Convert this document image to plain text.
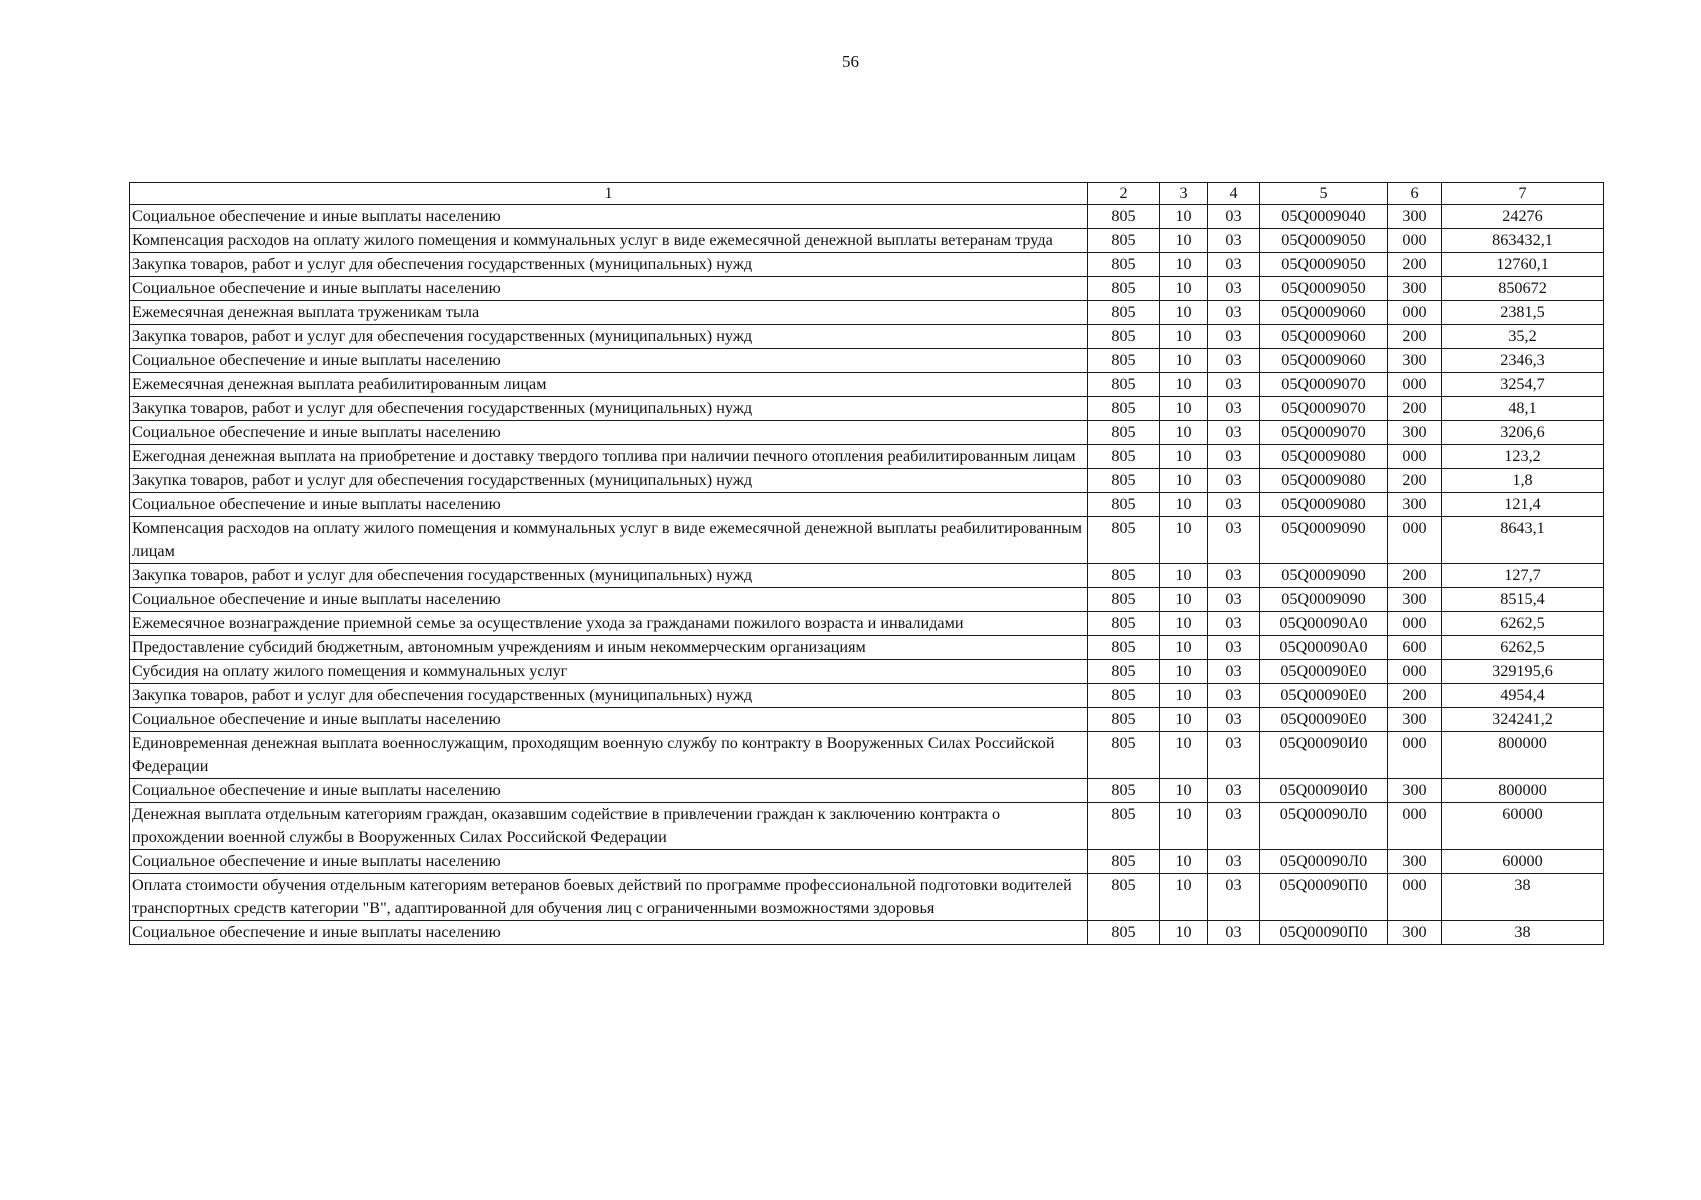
56
1	2	3	4	5	6	7
Социальное обеспечение и иные выплаты населению	805	10	03	05Q0009040	300	24276
Компенсация расходов на оплату жилого помещения и коммунальных услуг в виде ежемесячной денежной выплаты ветеранам труда	805	10	03	05Q0009050	000	863432,1
Закупка товаров, работ и услуг для обеспечения государственных (муниципальных) нужд	805	10	03	05Q0009050	200	12760,1
Социальное обеспечение и иные выплаты населению	805	10	03	05Q0009050	300	850672
Ежемесячная денежная выплата труженикам тыла	805	10	03	05Q0009060	000	2381,5
Закупка товаров, работ и услуг для обеспечения государственных (муниципальных) нужд	805	10	03	05Q0009060	200	35,2
Социальное обеспечение и иные выплаты населению	805	10	03	05Q0009060	300	2346,3
Ежемесячная денежная выплата реабилитированным лицам	805	10	03	05Q0009070	000	3254,7
Закупка товаров, работ и услуг для обеспечения государственных (муниципальных) нужд	805	10	03	05Q0009070	200	48,1
Социальное обеспечение и иные выплаты населению	805	10	03	05Q0009070	300	3206,6
Ежегодная денежная выплата на приобретение и доставку твердого топлива при наличии печного отопления реабилитированным лицам	805	10	03	05Q0009080	000	123,2
Закупка товаров, работ и услуг для обеспечения государственных (муниципальных) нужд	805	10	03	05Q0009080	200	1,8
Социальное обеспечение и иные выплаты населению	805	10	03	05Q0009080	300	121,4
Компенсация расходов на оплату жилого помещения и коммунальных услуг в виде ежемесячной денежной выплаты реабилитированным лицам	805	10	03	05Q0009090	000	8643,1
Закупка товаров, работ и услуг для обеспечения государственных (муниципальных) нужд	805	10	03	05Q0009090	200	127,7
Социальное обеспечение и иные выплаты населению	805	10	03	05Q0009090	300	8515,4
Ежемесячное вознаграждение приемной семье за осуществление ухода за гражданами пожилого возраста и инвалидами	805	10	03	05Q00090A0	000	6262,5
Предоставление субсидий бюджетным, автономным учреждениям и иным некоммерческим организациям	805	10	03	05Q00090A0	600	6262,5
Субсидия на оплату жилого помещения и коммунальных услуг	805	10	03	05Q00090E0	000	329195,6
Закупка товаров, работ и услуг для обеспечения государственных (муниципальных) нужд	805	10	03	05Q00090E0	200	4954,4
Социальное обеспечение и иные выплаты населению	805	10	03	05Q00090E0	300	324241,2
Единовременная денежная выплата военнослужащим, проходящим военную службу по контракту в Вооруженных Силах Российской Федерации	805	10	03	05Q00090И0	000	800000
Социальное обеспечение и иные выплаты населению	805	10	03	05Q00090И0	300	800000
Денежная выплата отдельным категориям граждан, оказавшим содействие в привлечении граждан к заключению контракта о прохождении военной службы в Вооруженных Силах Российской Федерации	805	10	03	05Q00090Л0	000	60000
Социальное обеспечение и иные выплаты населению	805	10	03	05Q00090Л0	300	60000
Оплата стоимости обучения отдельным категориям ветеранов боевых действий по программе профессиональной подготовки водителей транспортных средств категории "B", адаптированной для обучения лиц с ограниченными возможностями здоровья	805	10	03	05Q00090П0	000	38
Социальное обеспечение и иные выплаты населению	805	10	03	05Q00090П0	300	38
